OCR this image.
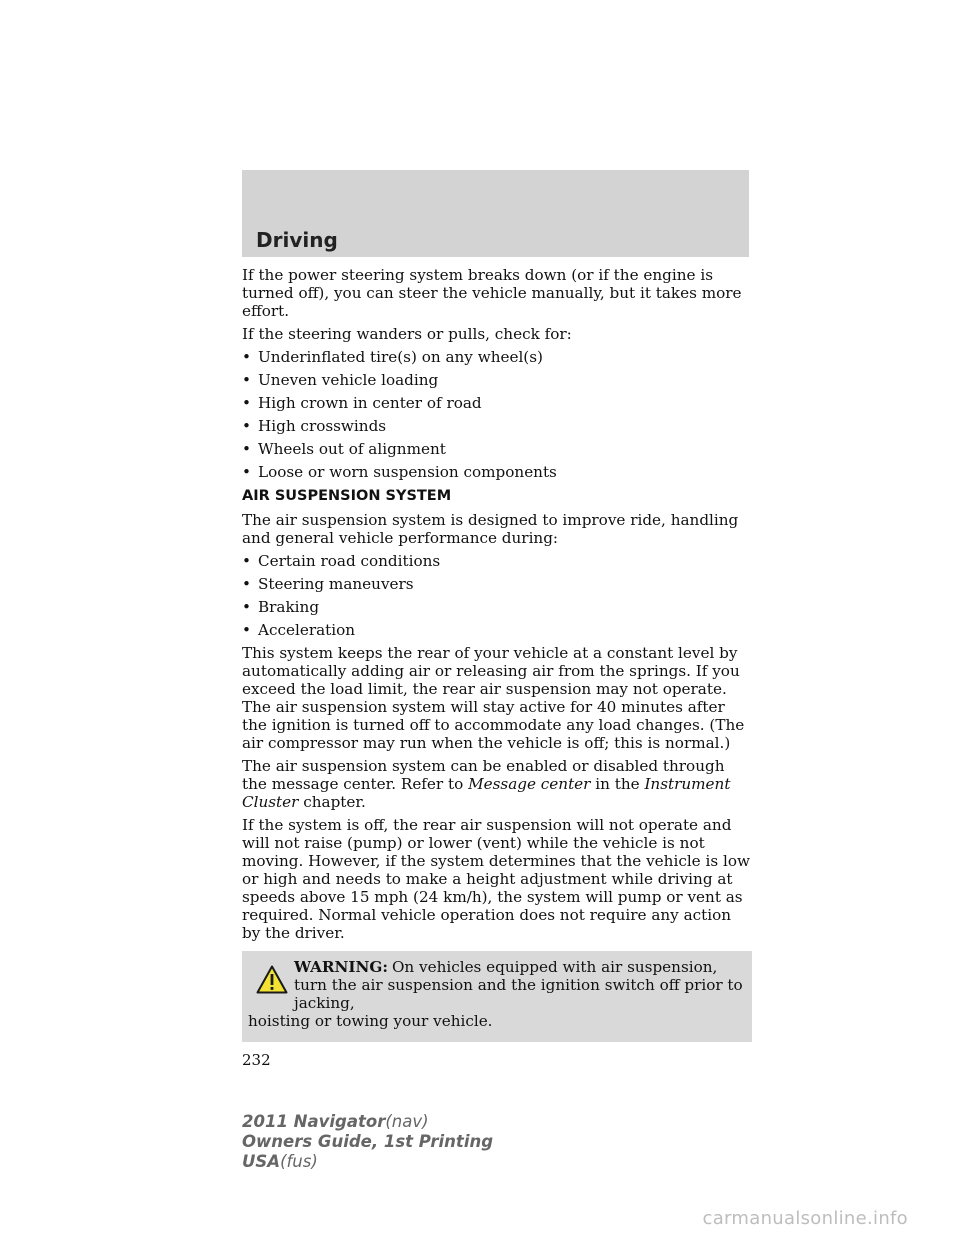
Driving

If the power steering system breaks down (or if the engine is turned off), you can steer the vehicle manually, but it takes more effort.

If the steering wanders or pulls, check for:

• Underinflated tire(s) on any wheel(s)
• Uneven vehicle loading
• High crown in center of road
• High crosswinds
• Wheels out of alignment
• Loose or worn suspension components
AIR SUSPENSION SYSTEM

The air suspension system is designed to improve ride, handling and general vehicle performance during:

• Certain road conditions
• Steering maneuvers
• Braking
• Acceleration

This system keeps the rear of your vehicle at a constant level by automatically adding air or releasing air from the springs. If you exceed the load limit, the rear air suspension may not operate. The air suspension system will stay active for 40 minutes after the ignition is turned off to accommodate any load changes. (The air compressor may run when the vehicle is off; this is normal.)

The air suspension system can be enabled or disabled through the message center. Refer to Message center in the Instrument Cluster chapter.

If the system is off, the rear air suspension will not operate and will not raise (pump) or lower (vent) while the vehicle is not moving. However, if the system determines that the vehicle is low or high and needs to make a height adjustment while driving at speeds above 15 mph (24 km/h), the system will pump or vent as required. Normal vehicle operation does not require any action by the driver.

WARNING: On vehicles equipped with air suspension, turn the air suspension and the ignition switch off prior to jacking,

hoisting or towing your vehicle.

232
2011 Navigator(nav)
Owners Guide, 1st Printing
USA(fus)
carmanualsonline.info
